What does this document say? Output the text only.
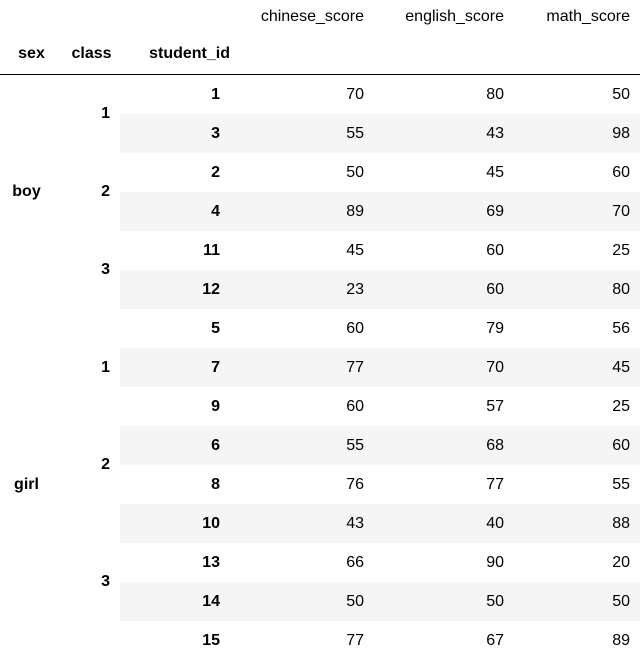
			chinese_score	english_score	math_score
sex	class	student_id			
boy	1	1	70	80	50
		3	55	43	98
	2	2	50	45	60
		4	89	69	70
	3	11	45	60	25
		12	23	60	80
girl	1	5	60	79	56
		7	77	70	45
		9	60	57	25
	2	6	55	68	60
		8	76	77	55
	3	10	43	40	88
		13	66	90	20
		14	50	50	50
		15	77	67	89
